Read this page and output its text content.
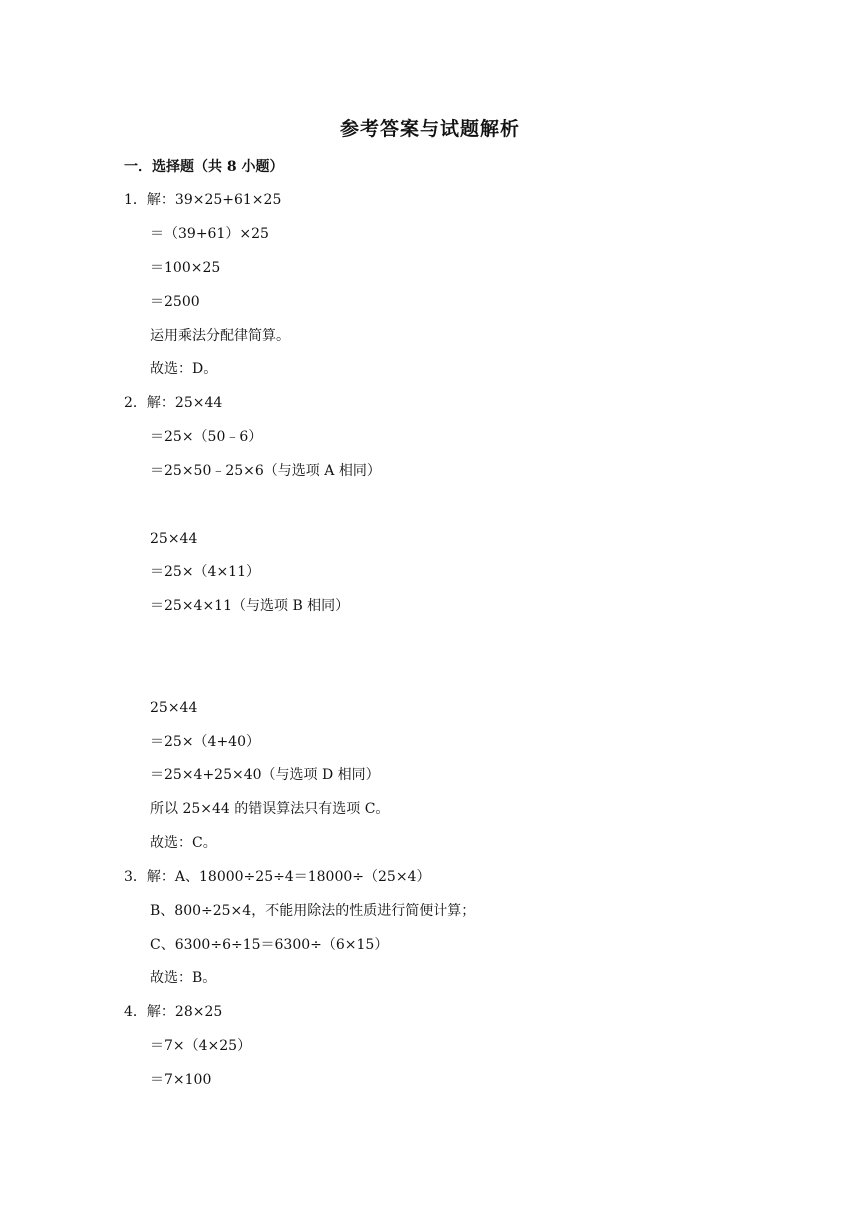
参考答案与试题解析
一．选择题（共 8 小题）
1．解：39×25+61×25
＝（39+61）×25
＝100×25
＝2500
运用乘法分配律简算。
故选：D。
2．解：25×44
＝25×（50﹣6）
＝25×50﹣25×6（与选项 A 相同）
25×44
＝25×（4×11）
＝25×4×11（与选项 B 相同）
25×44
＝25×（4+40）
＝25×4+25×40（与选项 D 相同）
所以 25×44 的错误算法只有选项 C。
故选：C。
3．解：A、18000÷25÷4＝18000÷（25×4）
B、800÷25×4，不能用除法的性质进行简便计算；
C、6300÷6÷15＝6300÷（6×15）
故选：B。
4．解：28×25
＝7×（4×25）
＝7×100
